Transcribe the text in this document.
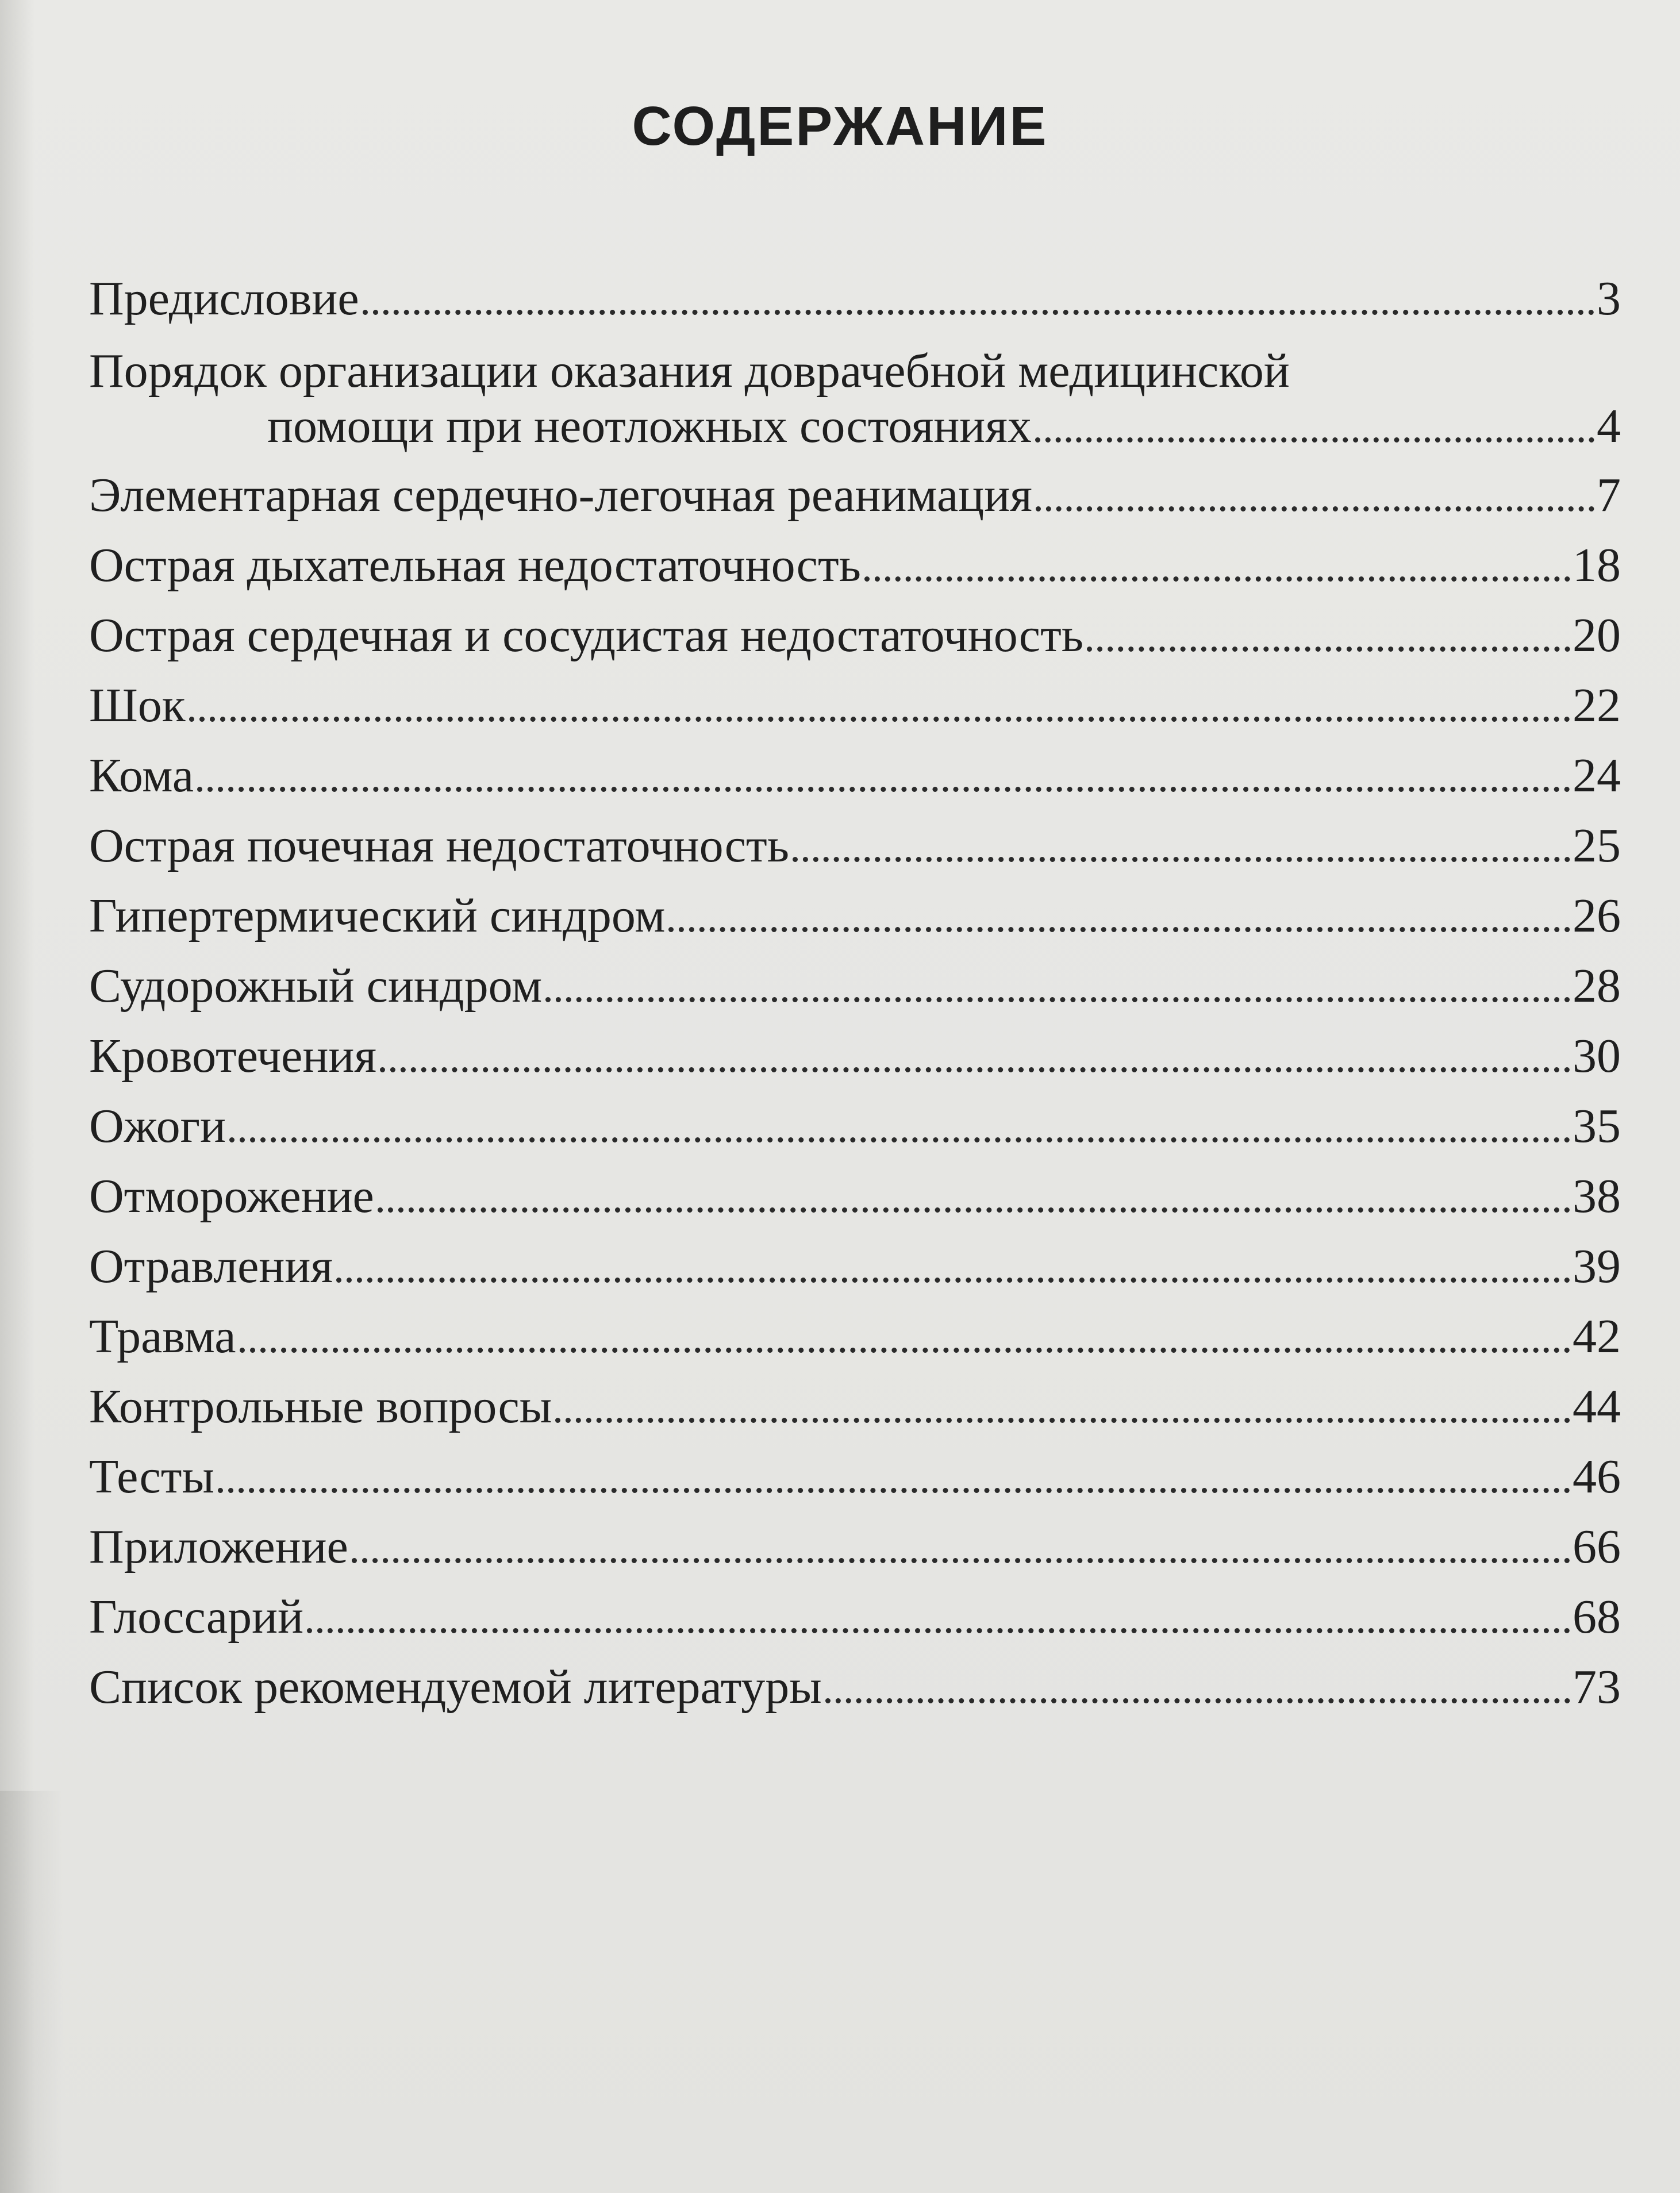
СОДЕРЖАНИЕ
Предисловие	3
Порядок организации оказания доврачебной медицинской
помощи при неотложных состояниях	4
Элементарная сердечно-легочная реанимация	7
Острая дыхательная недостаточность	18
Острая сердечная и сосудистая недостаточность	20
Шок	22
Кома	24
Острая почечная недостаточность	25
Гипертермический синдром	26
Судорожный синдром	28
Кровотечения	30
Ожоги	35
Отморожение	38
Отравления	39
Травма	42
Контрольные вопросы	44
Тесты	46
Приложение	66
Глоссарий	68
Список рекомендуемой литературы	73
